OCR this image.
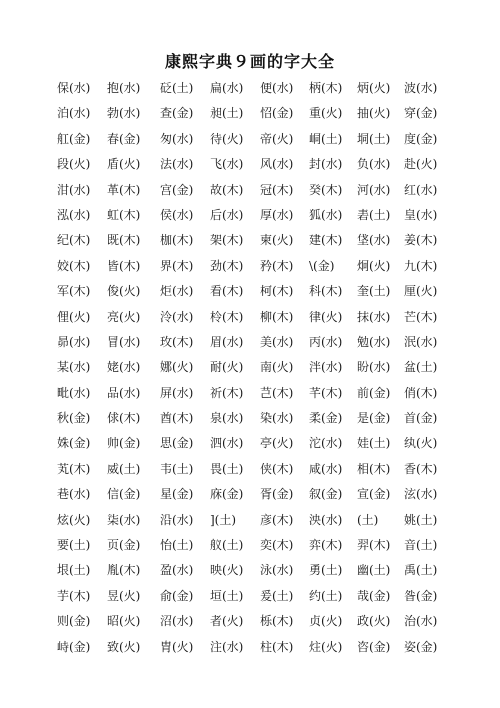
康熙字典９画的字大全
保(水)	抱(水)	砭(土)	扁(水)	便(水)	柄(木)	炳(火)	波(水)
泊(水)	勃(水)	查(金)	昶(土)	怊(金)	重(火)	抽(火)	穿(金)
舡(金)	春(金)	匆(水)	待(火)	帝(火)	峒(土)	垌(土)	度(金)
段(火)	盾(火)	法(水)	飞(水)	风(水)	封(水)	负(水)	赴(火)
泔(水)	革(木)	宫(金)	故(木)	冠(木)	癸(木)	河(水)	红(水)
泓(水)	虹(木)	侯(水)	后(水)	厚(水)	狐(水)	砉(土)	皇(水)
纪(木)	既(木)	枷(木)	架(木)	柬(火)	建(木)	垡(水)	姜(木)
姣(木)	皆(木)	界(木)	劲(木)	矜(木)	\(金)	炯(火)	九(木)
军(木)	俊(火)	炬(水)	看(木)	柯(木)	科(木)	奎(土)	厘(火)
俚(火)	亮(火)	泠(水)	柃(木)	柳(木)	律(火)	抹(水)	芒(木)
昴(水)	冒(水)	玫(木)	眉(水)	美(水)	丙(水)	勉(水)	泯(水)
某(水)	姥(水)	娜(火)	耐(火)	南(火)	泮(水)	盼(水)	盆(土)
毗(水)	品(水)	屏(水)	祈(木)	芑(木)	芊(木)	前(金)	俏(木)
秋(金)	俅(木)	酋(木)	泉(水)	染(水)	柔(金)	是(金)	首(金)
姝(金)	帅(金)	思(金)	泗(水)	亭(火)	沱(水)	娃(土)	纨(火)
芄(木)	威(土)	韦(土)	畏(土)	侠(木)	咸(水)	相(木)	香(木)
巷(水)	信(金)	星(金)	庥(金)	胥(金)	叙(金)	宣(金)	泫(水)
炫(火)	柒(水)	沿(水)	](土)	彦(木)	泱(水)	(土)	姚(土)
要(土)	页(金)	怡(土)	舣(土)	奕(木)	弈(木)	羿(木)	音(土)
垠(土)	胤(木)	盈(水)	映(火)	泳(水)	勇(土)	幽(土)	禹(土)
芋(木)	昱(火)	俞(金)	垣(土)	爰(土)	约(土)	哉(金)	昝(金)
则(金)	昭(火)	沼(水)	者(火)	栎(木)	贞(火)	政(火)	治(水)
峙(金)	致(火)	胄(火)	注(水)	柱(木)	炷(火)	咨(金)	姿(金)
